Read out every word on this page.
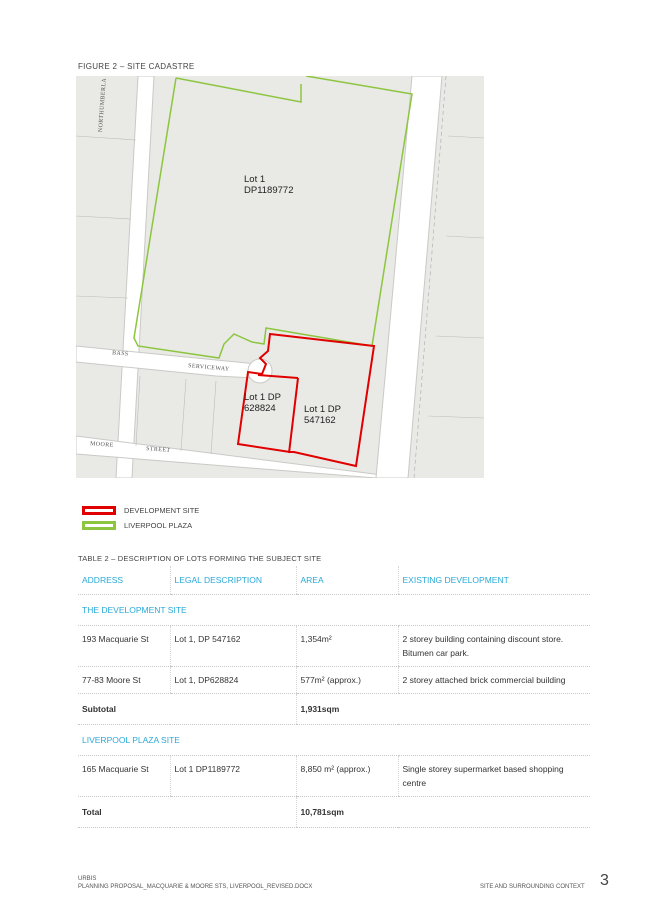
FIGURE 2 – SITE CADASTRE
Lot 1
DP1189772
Lot 1 DP
628824	Lot 1 DP
547162
NORTHUMBERLA
BASS
SERVICEWAY
MOORE
STREET
DEVELOPMENT SITE
LIVERPOOL PLAZA
TABLE 2 – DESCRIPTION OF LOTS FORMING THE SUBJECT SITE
ADDRESS	LEGAL DESCRIPTION	AREA	EXISTING DEVELOPMENT
THE DEVELOPMENT SITE			
193 Macquarie St	Lot 1, DP 547162	1,354m²	2 storey building containing discount store. Bitumen car park.
77-83 Moore St	Lot 1, DP628824	577m² (approx.)	2 storey attached brick commercial building
Subtotal		1,931sqm	
LIVERPOOL PLAZA SITE			
165 Macquarie St	Lot 1 DP1189772	8,850 m² (approx.)	Single storey supermarket based shopping centre
Total		10,781sqm	
URBIS
PLANNING PROPOSAL_MACQUARIE & MOORE STS, LIVERPOOL_REVISED.DOCX	SITE AND SURROUNDING CONTEXT 3
